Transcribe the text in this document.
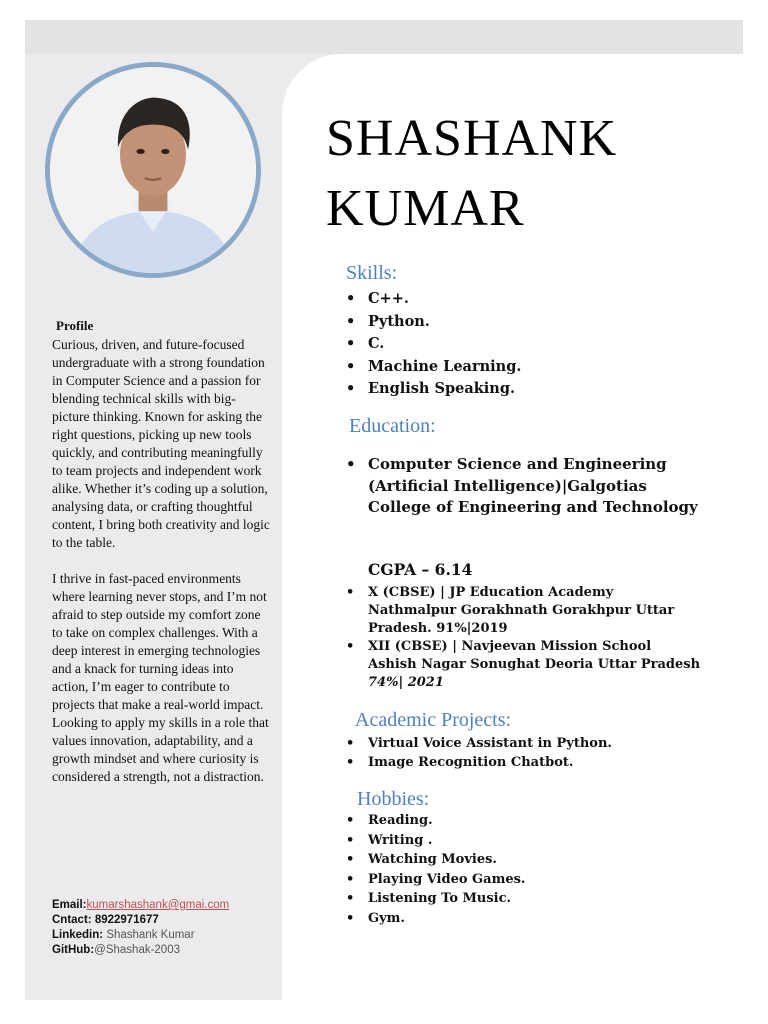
Profile

Curious, driven, and future-focused undergraduate with a strong foundation in Computer Science and a passion for blending technical skills with big-picture thinking. Known for asking the right questions, picking up new tools quickly, and contributing meaningfully to team projects and independent work alike. Whether it’s coding up a solution, analysing data, or crafting thoughtful content, I bring both creativity and logic to the table.

I thrive in fast-paced environments where learning never stops, and I’m not afraid to step outside my comfort zone to take on complex challenges. With a deep interest in emerging technologies and a knack for turning ideas into action, I’m eager to contribute to projects that make a real-world impact. Looking to apply my skills in a role that values innovation, adaptability, and a growth mindset and where curiosity is considered a strength, not a distraction.

Email:kumarshashank@gmai.com
Cntact: 8922971677
Linkedin: Shashank Kumar
GitHub:@Shashak-2003
SHASHANK
KUMAR
Skills:
• C++.
• Python.
• C.
• Machine Learning.
• English Speaking.
Education:
• Computer Science and Engineering (Artificial Intelligence)|Galgotias College of Engineering and Technology
CGPA – 6.14
• X (CBSE) | JP Education Academy Nathmalpur Gorakhnath Gorakhpur Uttar Pradesh. 91%|2019
• XII (CBSE) | Navjeevan Mission School Ashish Nagar Sonughat Deoria Uttar Pradesh 74%| 2021
Academic Projects:
• Virtual Voice Assistant in Python.
• Image Recognition Chatbot.
Hobbies:
• Reading.
• Writing .
• Watching Movies.
• Playing Video Games.
• Listening To Music.
• Gym.
